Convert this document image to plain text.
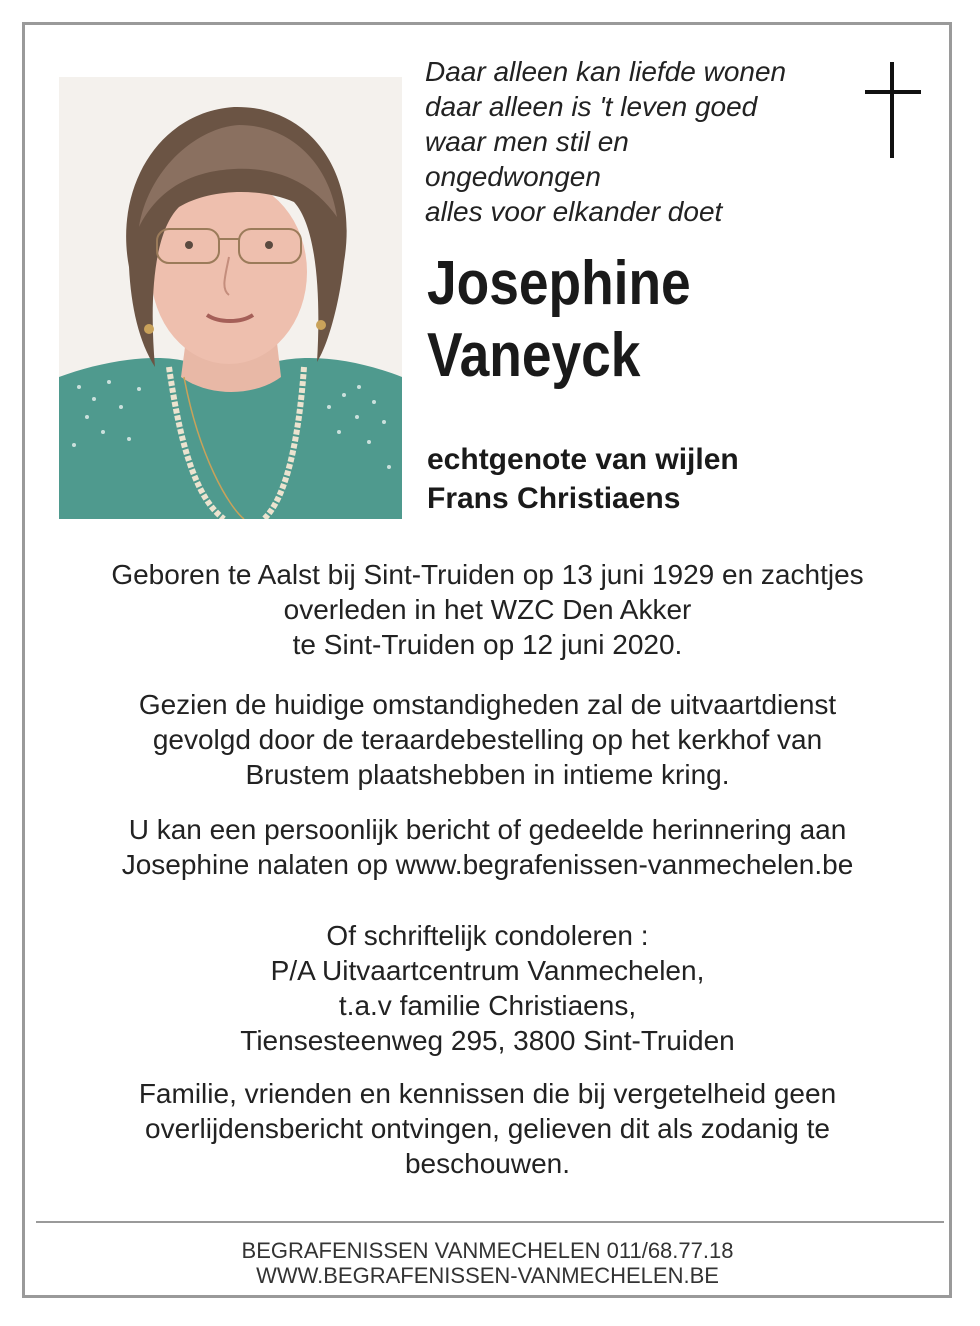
Daar alleen kan liefde wonen
daar alleen is 't leven goed
waar men stil en
ongedwongen
alles voor elkander doet
Josephine
Vaneyck
echtgenote van wijlen
Frans Christiaens
Geboren te Aalst bij Sint-Truiden op 13 juni 1929 en zachtjes
overleden in het WZC Den Akker
te Sint-Truiden op 12 juni 2020.
Gezien de huidige omstandigheden zal de uitvaartdienst
gevolgd door de teraardebestelling op het kerkhof van
Brustem plaatshebben in intieme kring.
U kan een persoonlijk bericht of gedeelde herinnering aan
Josephine nalaten op www.begrafenissen-vanmechelen.be
Of schriftelijk condoleren :
P/A Uitvaartcentrum Vanmechelen,
t.a.v familie Christiaens,
Tiensesteenweg 295, 3800 Sint-Truiden
Familie, vrienden en kennissen die bij vergetelheid geen
overlijdensbericht ontvingen, gelieven dit als zodanig te
beschouwen.
BEGRAFENISSEN VANMECHELEN 011/68.77.18
WWW.BEGRAFENISSEN-VANMECHELEN.BE
